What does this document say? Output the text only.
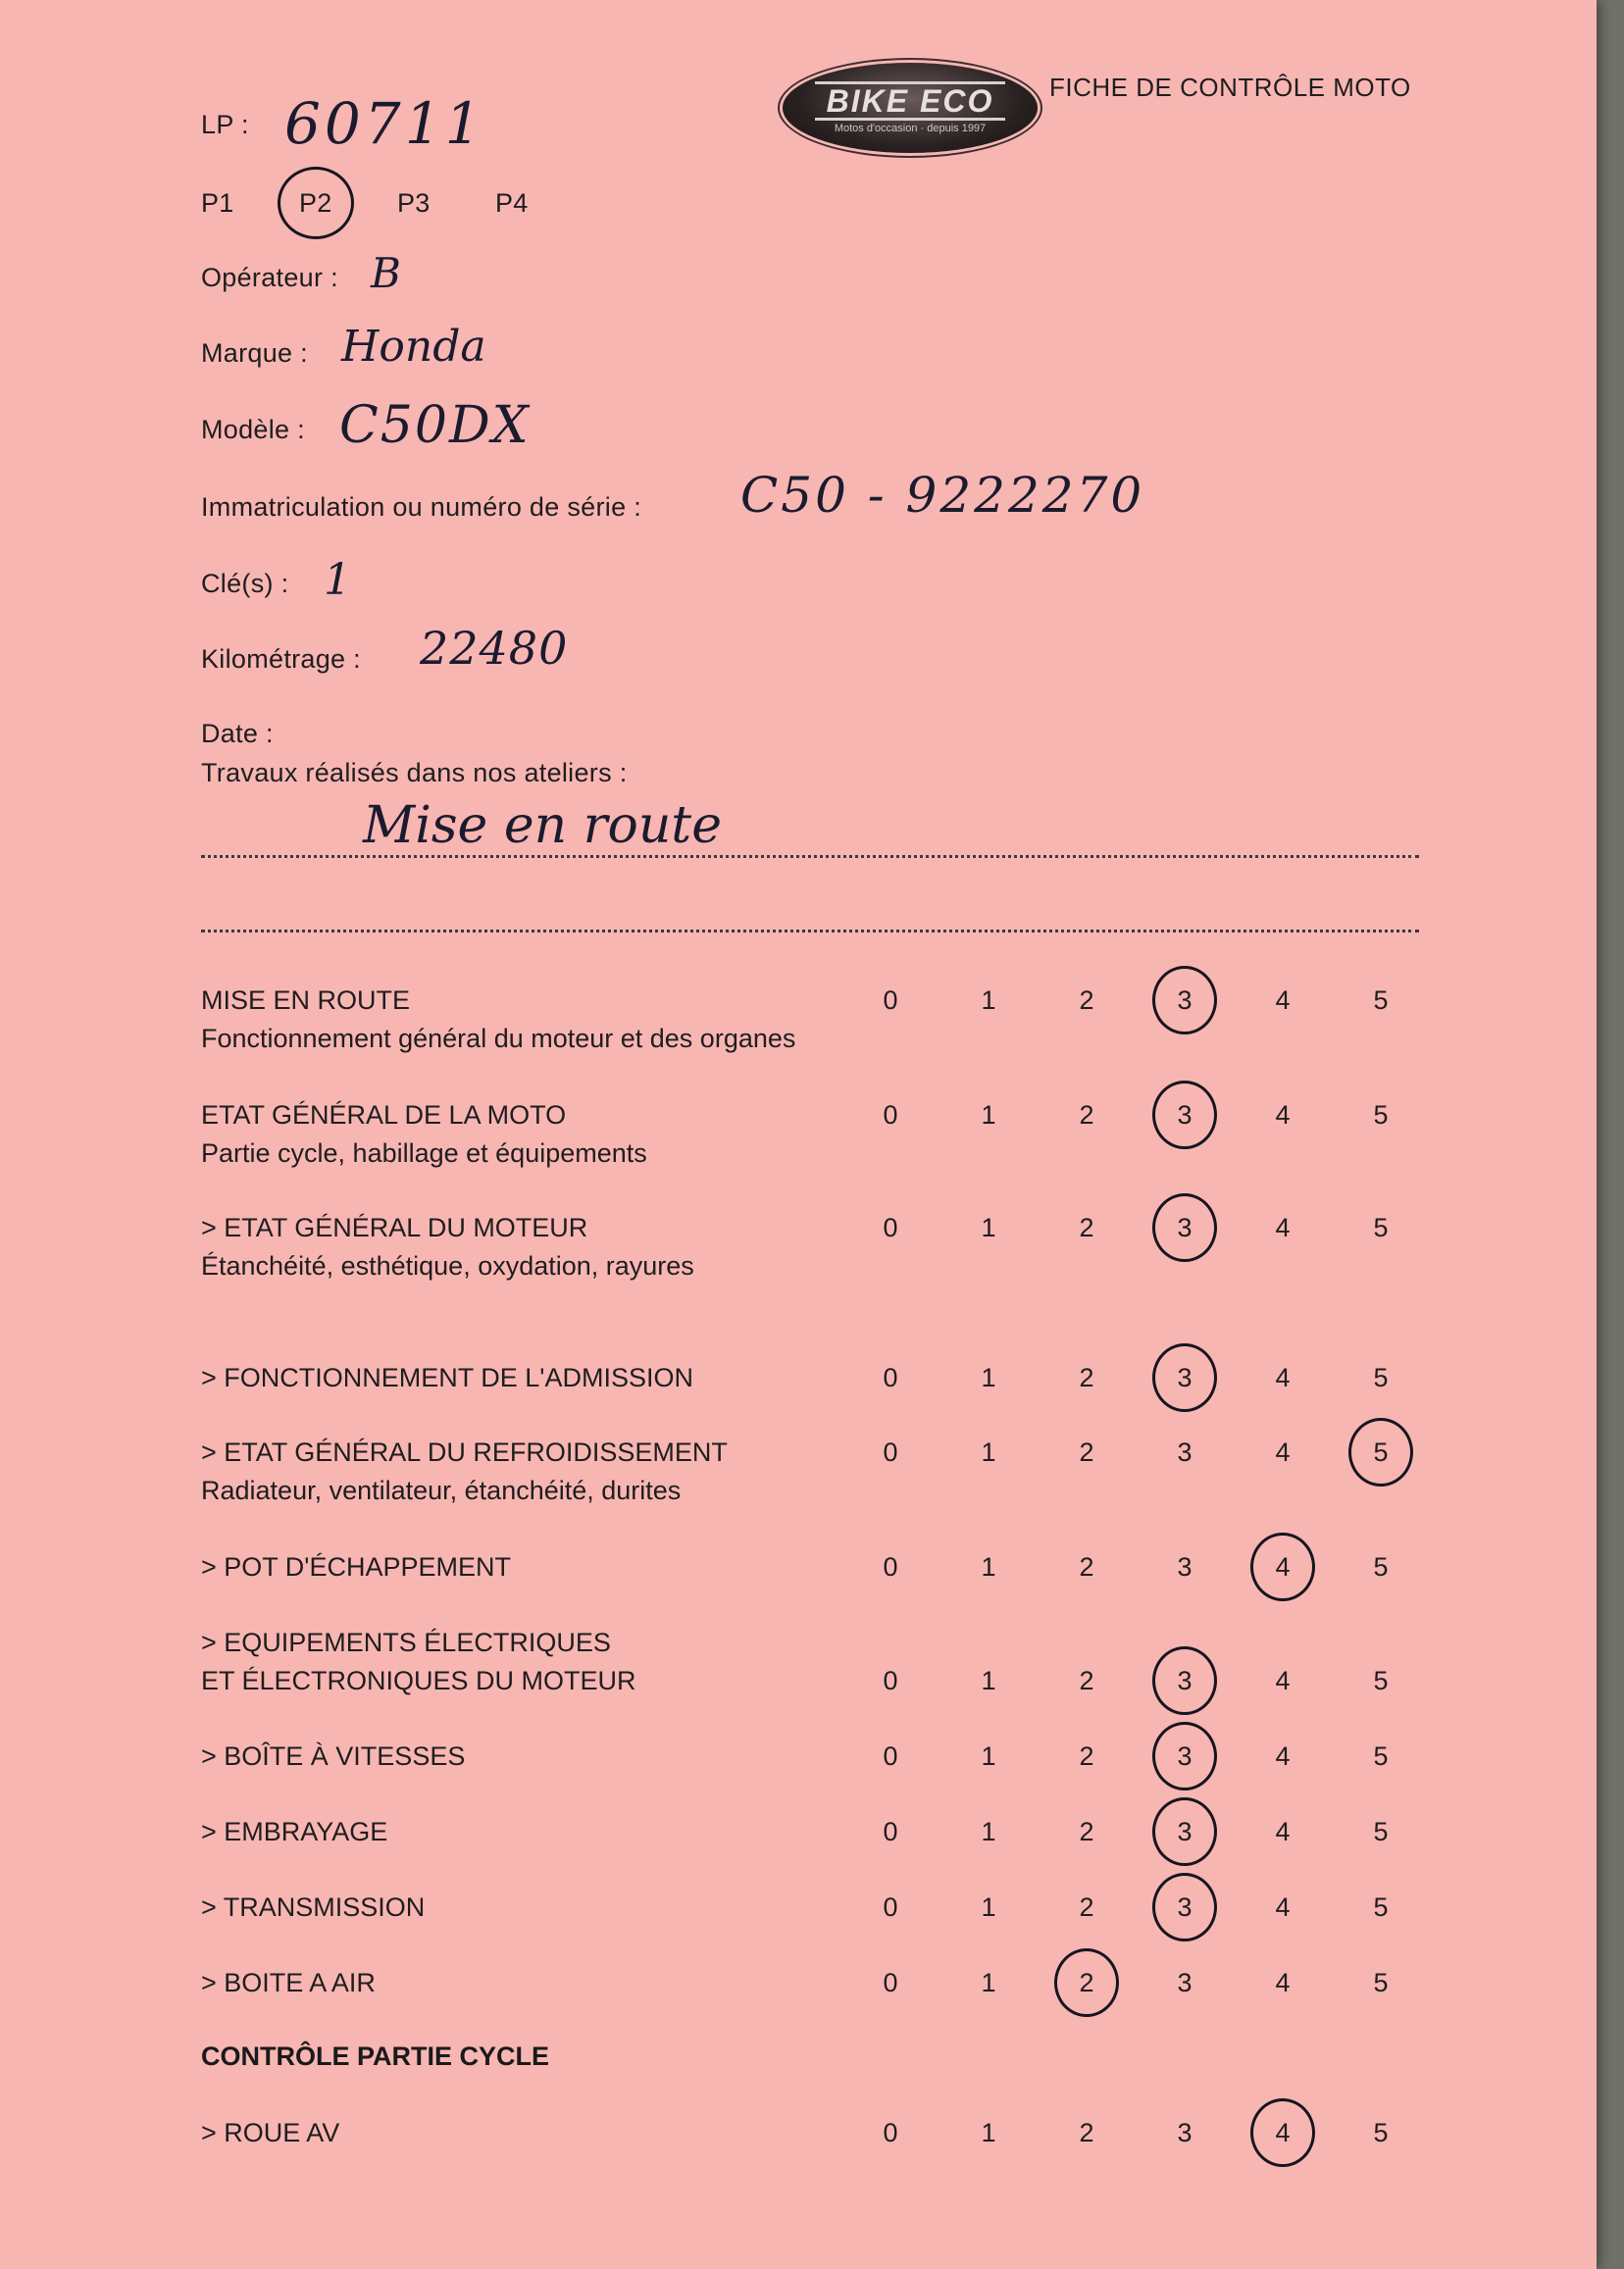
BIKE ECO
Motos d'occasion · depuis 1997
FICHE DE CONTRÔLE MOTO
LP : 60711
P1 P2 P3 P4
Opérateur : B
Marque : Honda
Modèle : C50DX
Immatriculation ou numéro de série : C50 - 9222270
Clé(s) : 1
Kilométrage : 22480
Date :
Travaux réalisés dans nos ateliers :
Mise en route
MISE EN ROUTE
Fonctionnement général du moteur et des organes
0	1	2	3	4	5
ETAT GÉNÉRAL DE LA MOTO
Partie cycle, habillage et équipements
0	1	2	3	4	5
> ETAT GÉNÉRAL DU MOTEUR
Étanchéité, esthétique, oxydation, rayures
0	1	2	3	4	5
> FONCTIONNEMENT DE L'ADMISSION	0	1	2	3	4	5
> ETAT GÉNÉRAL DU REFROIDISSEMENT
Radiateur, ventilateur, étanchéité, durites
0	1	2	3	4	5
> POT D'ÉCHAPPEMENT	0	1	2	3	4	5
> EQUIPEMENTS ÉLECTRIQUES
ET ÉLECTRONIQUES DU MOTEUR	0	1	2	3	4	5
> BOÎTE À VITESSES	0	1	2	3	4	5
> EMBRAYAGE	0	1	2	3	4	5
> TRANSMISSION	0	1	2	3	4	5
> BOITE A AIR	0	1	2	3	4	5
CONTRÔLE PARTIE CYCLE
> ROUE AV	0	1	2	3	4	5
